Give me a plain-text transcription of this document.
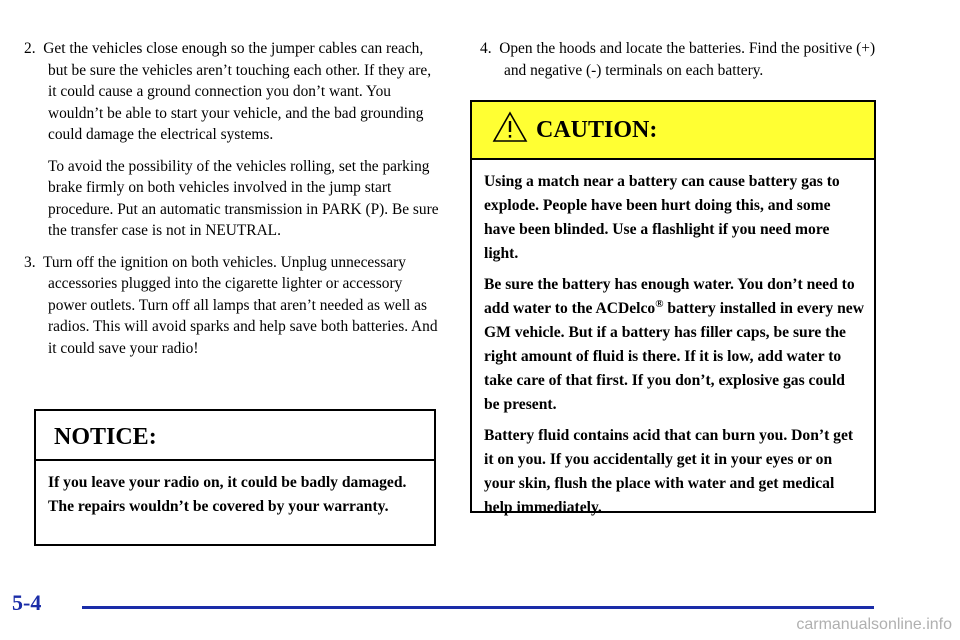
2. Get the vehicles close enough so the jumper cables can reach, but be sure the vehicles aren’t touching each other. If they are, it could cause a ground connection you don’t want. You wouldn’t be able to start your vehicle, and the bad grounding could damage the electrical systems.

To avoid the possibility of the vehicles rolling, set the parking brake firmly on both vehicles involved in the jump start procedure. Put an automatic transmission in PARK (P). Be sure the transfer case is not in NEUTRAL.

3. Turn off the ignition on both vehicles. Unplug unnecessary accessories plugged into the cigarette lighter or accessory power outlets. Turn off all lamps that aren’t needed as well as radios. This will avoid sparks and help save both batteries. And it could save your radio!

NOTICE:
If you leave your radio on, it could be badly damaged. The repairs wouldn’t be covered by your warranty.

4. Open the hoods and locate the batteries. Find the positive (+) and negative (-) terminals on each battery.

CAUTION:

Using a match near a battery can cause battery gas to explode. People have been hurt doing this, and some have been blinded. Use a flashlight if you need more light.

Be sure the battery has enough water. You don’t need to add water to the ACDelco® battery installed in every new GM vehicle. But if a battery has filler caps, be sure the right amount of fluid is there. If it is low, add water to take care of that first. If you don’t, explosive gas could be present.

Battery fluid contains acid that can burn you. Don’t get it on you. If you accidentally get it in your eyes or on your skin, flush the place with water and get medical help immediately.

5-4
carmanualsonline.info
